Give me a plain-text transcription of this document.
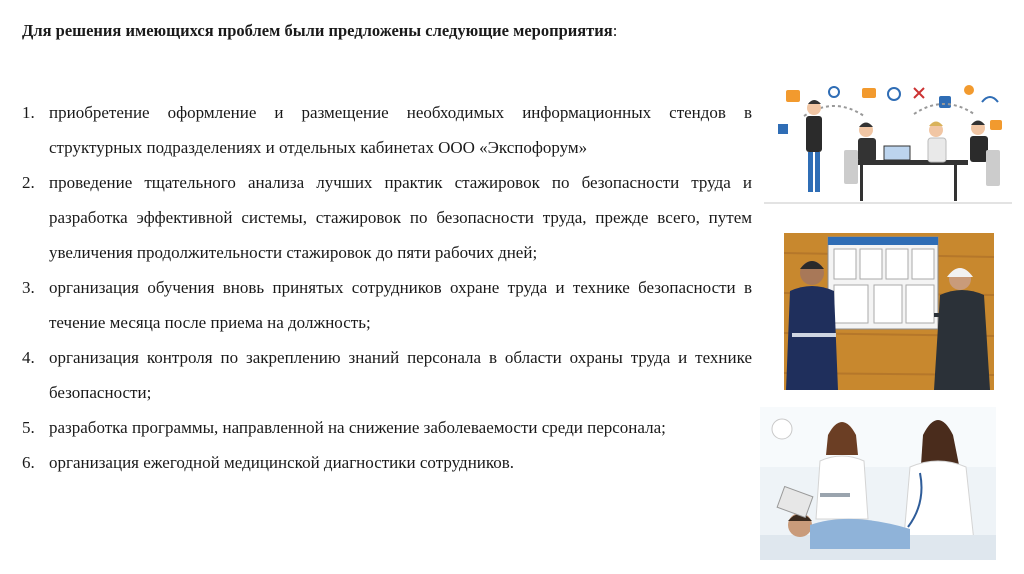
Для решения имеющихся проблем были предложены следующие мероприятия:
1. приобретение оформление и размещение необходимых информационных стендов в структурных подразделениях и отдельных кабинетах ООО «Экспофорум»
2. проведение тщательного анализа лучших практик стажировок по безопасности труда и разработка эффективной системы, стажировок по безопасности труда, прежде всего, путем увеличения продолжительности стажировок до пяти рабочих дней;
3. организация обучения вновь принятых сотрудников охране труда и технике безопасности в течение месяца после приема на должность;
4. организация контроля по закреплению знаний персонала в области охраны труда и технике безопасности;
5. разработка программы, направленной на снижение заболеваемости среди персонала;
6. организация ежегодной медицинской диагностики сотрудников.
